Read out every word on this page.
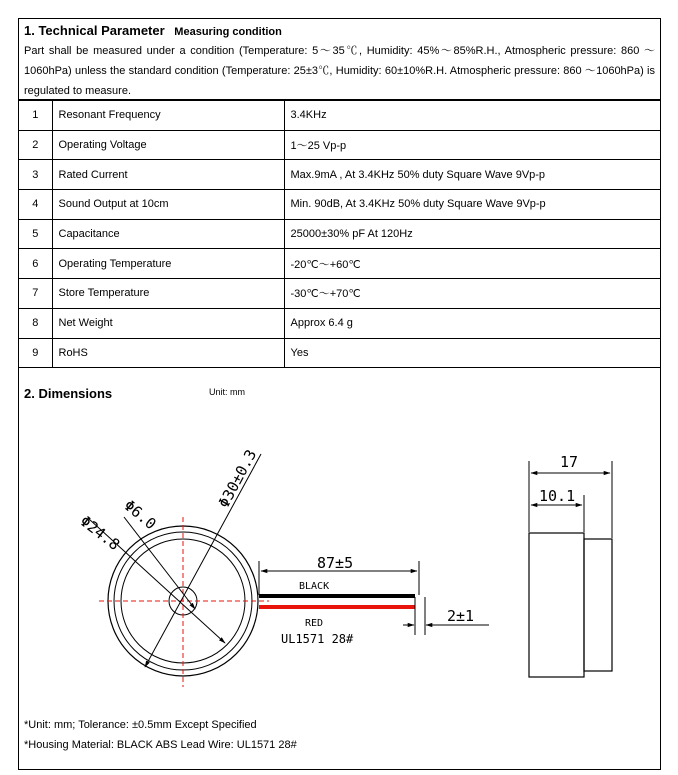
1. Technical Parameter Measuring condition
Part shall be measured under a condition (Temperature: 5～35℃, Humidity: 45%～85%R.H., Atmospheric pressure: 860 ～1060hPa) unless the standard condition (Temperature: 25±3℃, Humidity: 60±10%R.H. Atmospheric pressure: 860 ～1060hPa) is regulated to measure.
1	Resonant Frequency	3.4KHz
2	Operating Voltage	1～25 Vp-p
3	Rated Current	Max.9mA , At 3.4KHz 50% duty Square Wave 9Vp-p
4	Sound Output at 10cm	Min. 90dB, At 3.4KHz 50% duty Square Wave 9Vp-p
5	Capacitance	25000±30% pF At 120Hz
6	Operating Temperature	-20℃～+60℃
7	Store Temperature	-30℃～+70℃
8	Net Weight	Approx 6.4 g
9	RoHS	Yes
2. Dimensions	Unit: mm
Φ30±0.3
Φ24.8
Φ6.0
87±5
BLACK
RED
UL1571 28#
2±1
17
10.1
*Unit: mm; Tolerance: ±0.5mm Except Specified
*Housing Material: BLACK ABS Lead Wire: UL1571 28#
